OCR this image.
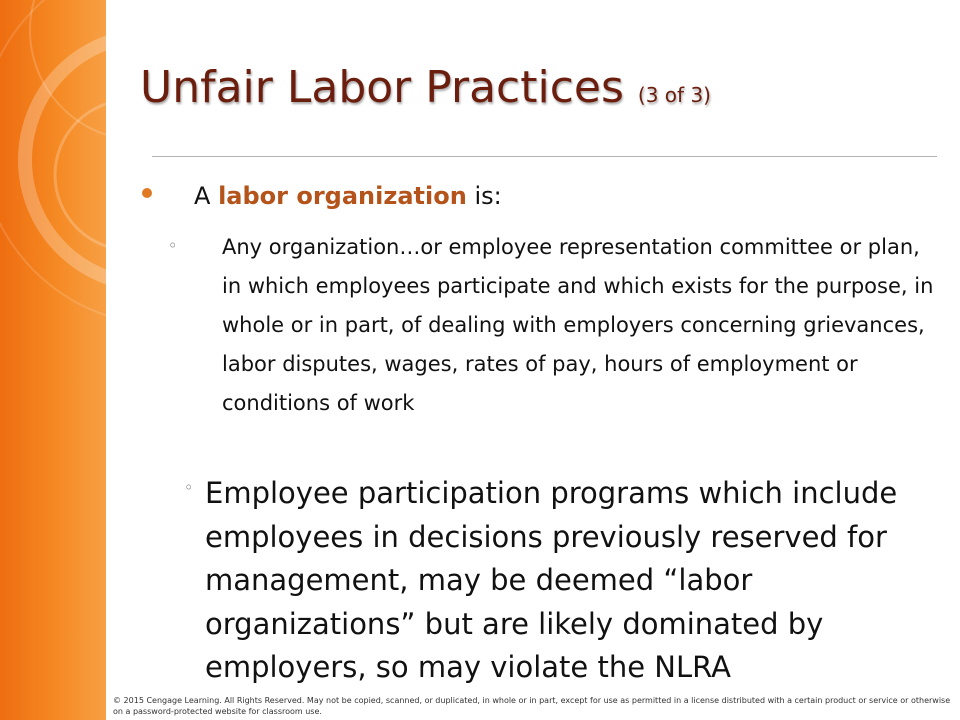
Unfair Labor Practices (3 of 3)
A labor organization is:
◦ Any organization…or employee representation committee or plan, in which employees participate and which exists for the purpose, in whole or in part, of dealing with employers concerning grievances, labor disputes, wages, rates of pay, hours of employment or conditions of work

◦ Employee participation programs which include employees in decisions previously reserved for management, may be deemed “labor organizations” but are likely dominated by employers, so may violate the NLRA

© 2015 Cengage Learning. All Rights Reserved. May not be copied, scanned, or duplicated, in whole or in part, except for use as permitted in a license distributed with a certain product or service or otherwise on a password-protected website for classroom use.
